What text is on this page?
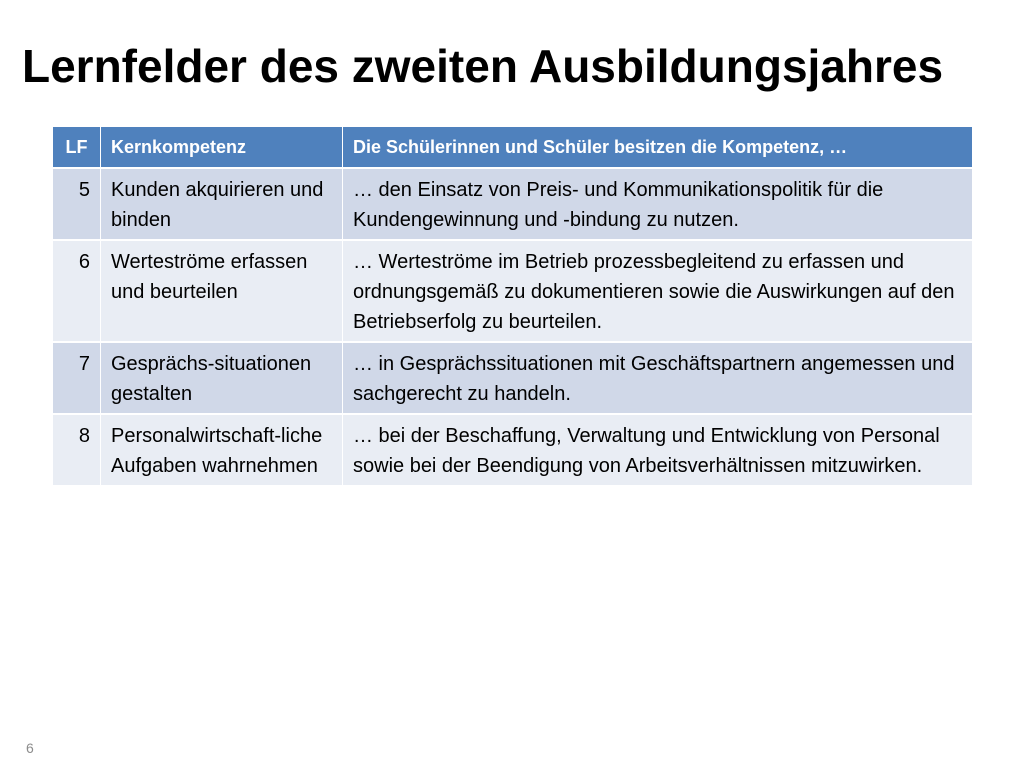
Lernfelder des zweiten Ausbildungsjahres
LF	Kernkompetenz	Die Schülerinnen und Schüler besitzen die Kompetenz, …
5	Kunden akquirieren und binden	… den Einsatz von Preis- und Kommunikationspolitik für die Kundengewinnung und -bindung zu nutzen.
6	Werteströme erfassen und beurteilen	… Werteströme im Betrieb prozessbegleitend zu erfassen und ordnungsgemäß zu dokumentieren sowie die Auswirkungen auf den Betriebserfolg zu beurteilen.
7	Gesprächs-situationen gestalten	… in Gesprächssituationen mit Geschäftspartnern angemessen und sachgerecht zu handeln.
8	Personalwirtschaft-liche Aufgaben wahrnehmen	… bei der Beschaffung, Verwaltung und Entwicklung von Personal sowie bei der Beendigung von Arbeitsverhältnissen mitzuwirken.
6
